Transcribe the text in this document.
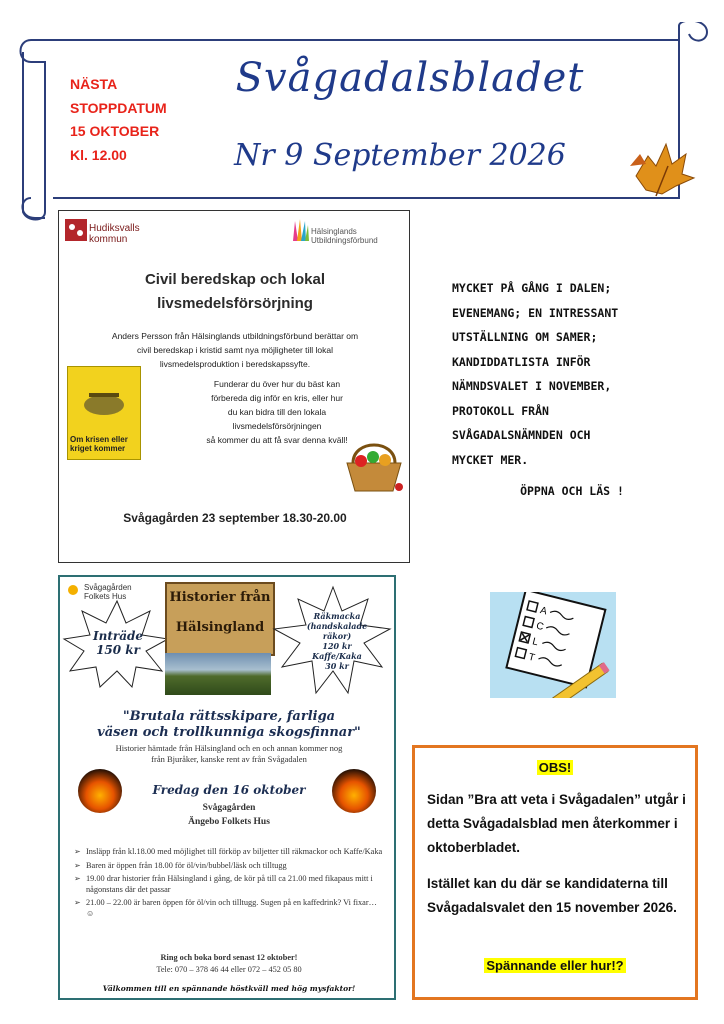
NÄSTA
STOPPDATUM
15 OKTOBER
Kl. 12.00
Svågadalsbladet
Nr 9 September 2026
Hudiksvalls
kommun
Hälsinglands
Utbildningsförbund
Civil beredskap och lokal
livsmedelsförsörjning
Anders Persson från Hälsinglands utbildningsförbund berättar om
civil beredskap i kristid samt nya möjligheter till lokal
livsmedelsproduktion i beredskapssyfte.
Om krisen eller
kriget kommer
Funderar du över hur du bäst kan
förbereda dig inför en kris, eller hur
du kan bidra till den lokala
livsmedelsförsörjningen
så kommer du att få svar denna kväll!
Svågagården 23 september 18.30-20.00
MYCKET PÅ GÅNG I DALEN;
EVENEMANG; EN INTRESSANT
UTSTÄLLNING OM SAMER;
KANDIDDATLISTA INFÖR
NÄMNDSVALET I NOVEMBER,
PROTOKOLL FRÅN
SVÅGADALSNÄMNDEN OCH
MYCKET MER.
ÖPPNA OCH LÄS !
A
C
L
T
Svågagården
Folkets Hus
Inträde
150 kr
Historier från
Hälsingland
Räkmacka
(handskalade räkor)
120 kr
Kaffe/Kaka
30 kr
"Brutala rättsskipare, farliga
väsen och trollkunniga skogsfinnar"
Historier hämtade från Hälsingland och en och annan kommer nog
från Bjuråker, kanske rent av från Svågadalen
Fredag den 16 oktober
Svågagården
Ängebo Folkets Hus
➢ Insläpp från kl.18.00 med möjlighet till förköp av biljetter till räkmackor och Kaffe/Kaka
➢ Baren är öppen från 18.00 för öl/vin/bubbel/läsk och tilltugg
➢ 19.00 drar historier från Hälsingland i gång, de kör på till ca 21.00 med fikapaus mitt i någonstans där det passar
➢ 21.00 – 22.00 är baren öppen för öl/vin och tilltugg. Sugen på en kaffedrink? Vi fixar…☺
Ring och boka bord senast 12 oktober!
Tele: 070 – 378 46 44 eller 072 – 452 05 80
Välkommen till en spännande höstkväll med hög mysfaktor!
OBS!
Sidan ”Bra att veta i Svågadalen” utgår i detta Svågadalsblad men återkommer i oktoberbladet.
Istället kan du där se kandidaterna till Svågadalsvalet den 15 november 2026.
Spännande eller hur!?
